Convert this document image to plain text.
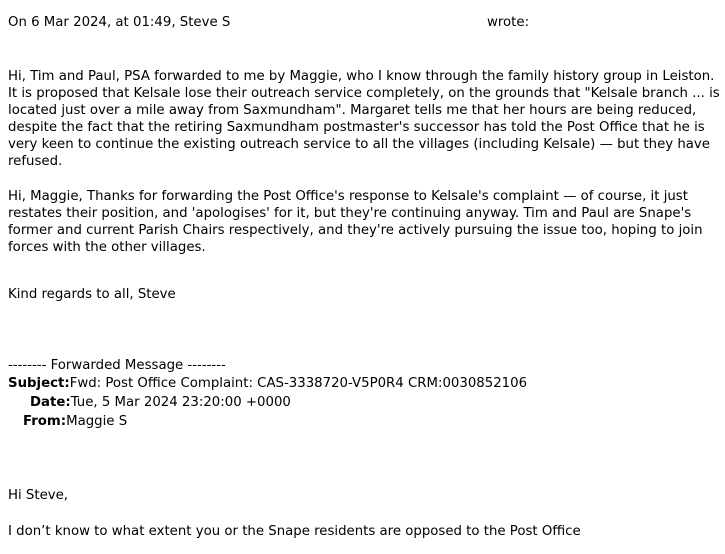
On 6 Mar 2024, at 01:49, Steve S	wrote:
Hi, Tim and Paul, PSA forwarded to me by Maggie, who I know through the family history group in Leiston. It is proposed that Kelsale lose their outreach service completely, on the grounds that "Kelsale branch ... is located just over a mile away from Saxmundham". Margaret tells me that her hours are being reduced, despite the fact that the retiring Saxmundham postmaster's successor has told the Post Office that he is very keen to continue the existing outreach service to all the villages (including Kelsale) — but they have refused.
Hi, Maggie, Thanks for forwarding the Post Office's response to Kelsale's complaint — of course, it just restates their position, and 'apologises' for it, but they're continuing anyway. Tim and Paul are Snape's former and current Parish Chairs respectively, and they're actively pursuing the issue too, hoping to join forces with the other villages.
Kind regards to all, Steve
-------- Forwarded Message --------
Subject:Fwd: Post Office Complaint: CAS-3338720-V5P0R4 CRM:0030852106
Date:Tue, 5 Mar 2024 23:20:00 +0000
From:Maggie S
Hi Steve,
I don’t know to what extent you or the Snape residents are opposed to the Post Office
